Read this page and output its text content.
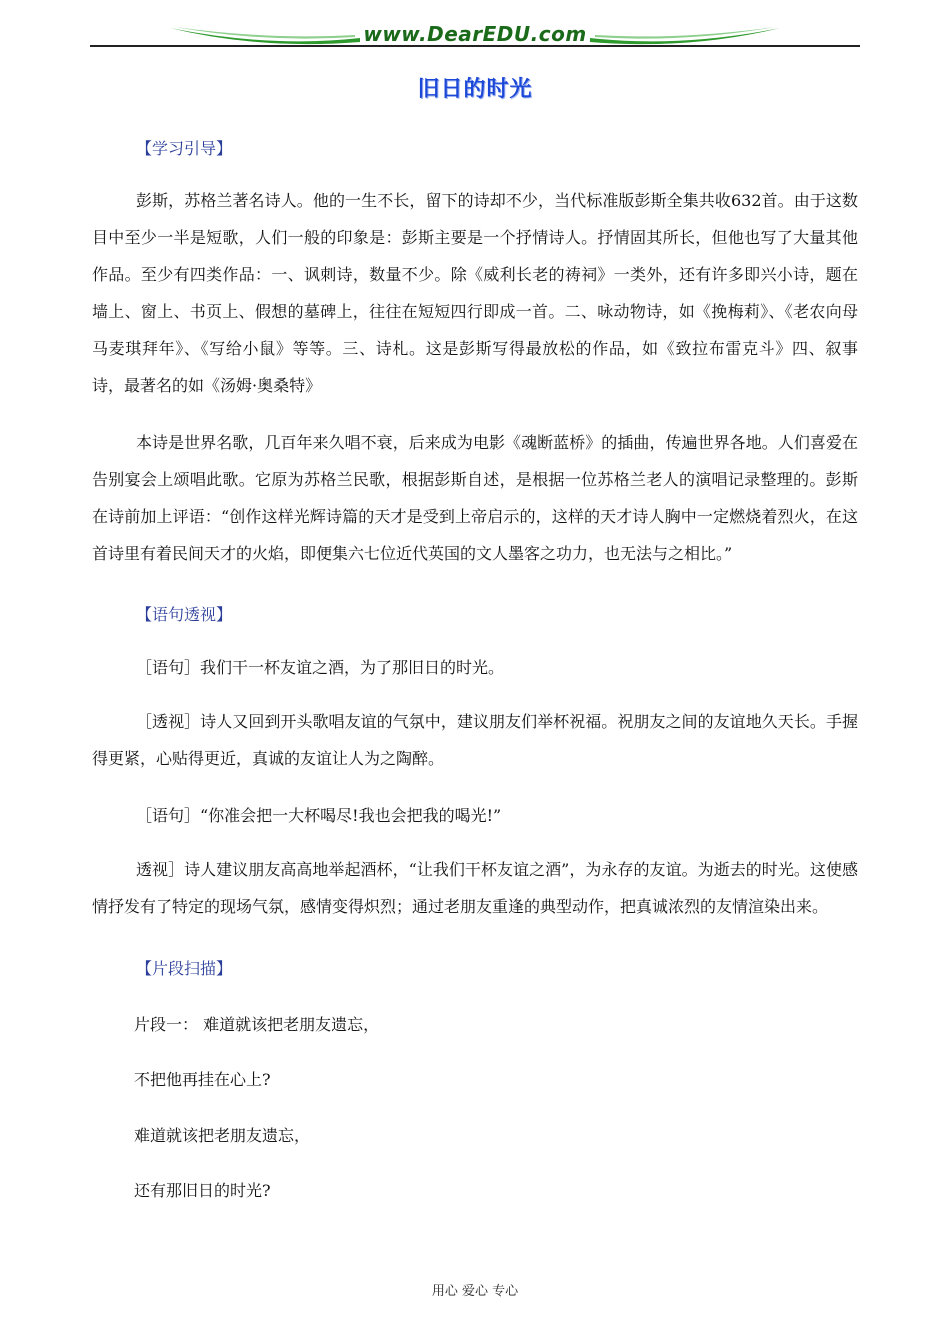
www.DearEDU.com
旧日的时光
【学习引导】
彭斯，苏格兰著名诗人。他的一生不长，留下的诗却不少，当代标准版彭斯全集共收632首。由于这数目中至少一半是短歌，人们一般的印象是：彭斯主要是一个抒情诗人。抒情固其所长，但他也写了大量其他作品。至少有四类作品：一、讽刺诗，数量不少。除《威利长老的祷祠》一类外，还有许多即兴小诗，题在墙上、窗上、书页上、假想的墓碑上，往往在短短四行即成一首。二、咏动物诗，如《挽梅莉》、《老农向母马麦琪拜年》、《写给小鼠》等等。三、诗札。这是彭斯写得最放松的作品，如《致拉布雷克斗》四、叙事诗，最著名的如《汤姆·奥桑特》
本诗是世界名歌，几百年来久唱不衰，后来成为电影《魂断蓝桥》的插曲，传遍世界各地。人们喜爱在告别宴会上颂唱此歌。它原为苏格兰民歌，根据彭斯自述，是根据一位苏格兰老人的演唱记录整理的。彭斯在诗前加上评语：“创作这样光辉诗篇的天才是受到上帝启示的，这样的天才诗人胸中一定燃烧着烈火，在这首诗里有着民间天才的火焰，即便集六七位近代英国的文人墨客之功力，也无法与之相比。”
【语句透视】
［语句］我们干一杯友谊之酒，为了那旧日的时光。
［透视］诗人又回到开头歌唱友谊的气氛中，建议朋友们举杯祝福。祝朋友之间的友谊地久天长。手握得更紧，心贴得更近，真诚的友谊让人为之陶醉。
［语句］“你准会把一大杯喝尽!我也会把我的喝光!”
透视］诗人建议朋友高高地举起酒杯，“让我们干杯友谊之酒”，为永存的友谊。为逝去的时光。这使感情抒发有了特定的现场气氛，感情变得炽烈；通过老朋友重逢的典型动作，把真诚浓烈的友情渲染出来。
【片段扫描】
片段一： 难道就该把老朋友遗忘，
不把他再挂在心上?
难道就该把老朋友遗忘，
还有那旧日的时光?
用心 爱心 专心
